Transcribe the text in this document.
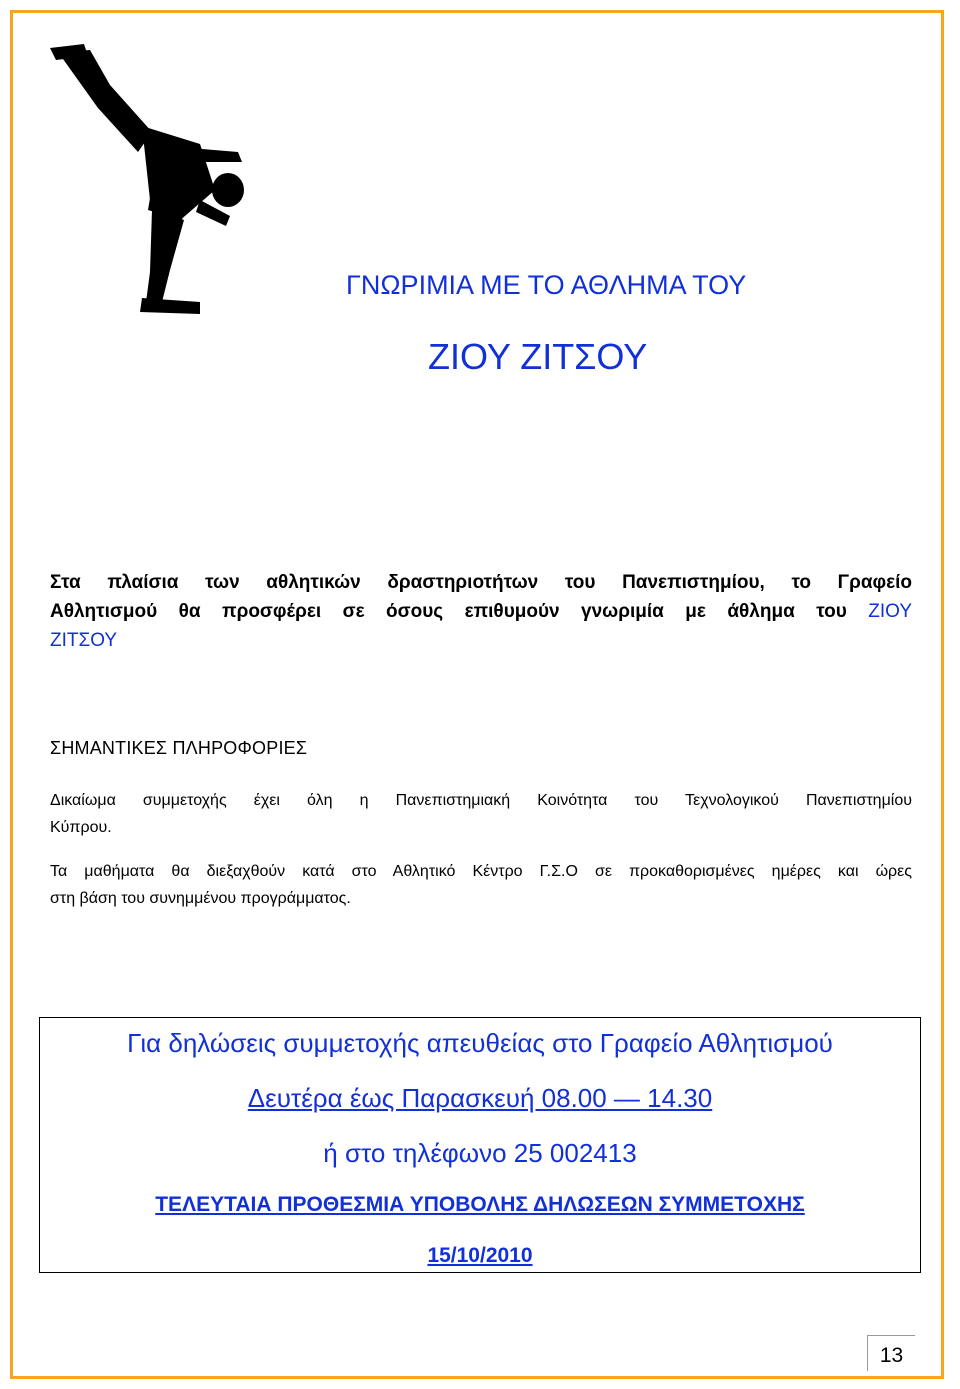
ΓΝΩΡΙΜΙΑ ΜΕ ΤΟ ΑΘΛΗΜΑ ΤΟΥ
ΖΙΟΥ ΖΙΤΣΟΥ
Στα πλαίσια των αθλητικών δραστηριοτήτων του Πανεπιστημίου, το Γραφείο
Αθλητισμού θα προσφέρει σε όσους επιθυμούν γνωριμία με άθλημα του ΖΙΟΥ
ΖΙΤΣΟΥ
ΣΗΜΑΝΤΙΚΕΣ ΠΛΗΡΟΦΟΡΙΕΣ
Δικαίωμα συμμετοχής έχει όλη η Πανεπιστημιακή Κοινότητα του Τεχνολογικού Πανεπιστημίου
Κύπρου.
Τα μαθήματα θα διεξαχθούν κατά στο Αθλητικό Κέντρο Γ.Σ.Ο σε προκαθορισμένες ημέρες και ώρες
στη βάση του συνημμένου προγράμματος.
Για δηλώσεις συμμετοχής απευθείας στο Γραφείο Αθλητισμού
Δευτέρα έως Παρασκευή 08.00 — 14.30
ή στο τηλέφωνο 25 002413
ΤΕΛΕΥΤΑΙΑ ΠΡΟΘΕΣΜΙΑ ΥΠΟΒΟΛΗΣ ΔΗΛΩΣΕΩΝ ΣΥΜΜΕΤΟΧΗΣ
15/10/2010
13
